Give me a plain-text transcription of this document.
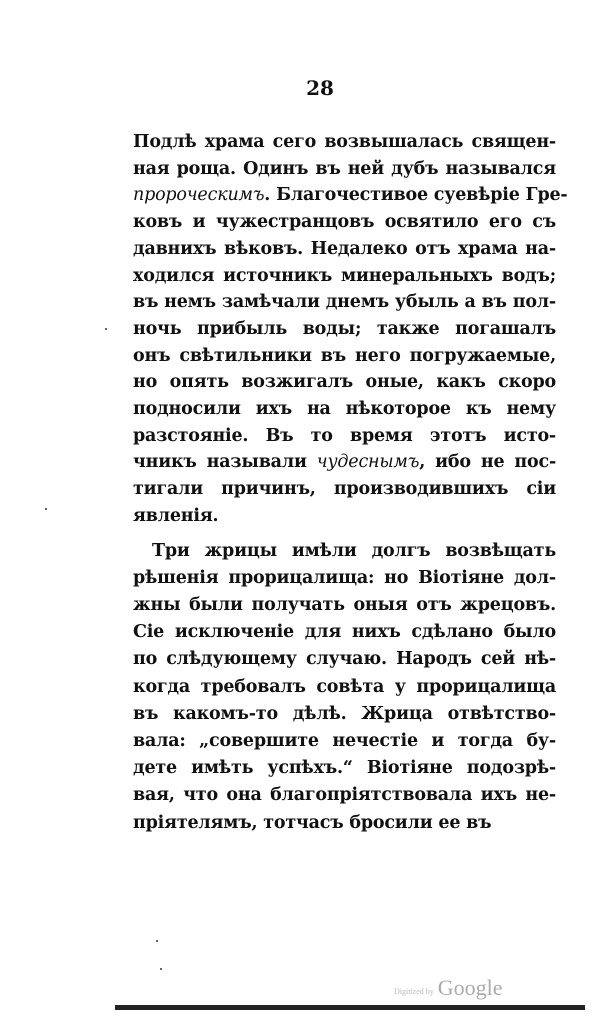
28
Подлѣ храма сего возвышалась священ-
ная роща. Одинъ въ ней дубъ назывался
пророческимъ. Благочестивое суевѣріе Гре-
ковъ и чужестранцовъ освятило его съ
давнихъ вѣковъ. Недалеко отъ храма на-
ходился источникъ минеральныхъ водъ;
въ немъ замѣчали днемъ убыль а въ пол-
ночь прибыль воды; также погашалъ
онъ свѣтильники въ него погружаемые,
но опять возжигалъ оные, какъ скоро
подносили ихъ на нѣкоторое къ нему
разстояніе. Въ то время этотъ исто-
чникъ называли чудеснымъ, ибо не пос-
тигали причинъ, производившихъ сіи
явленія.
Три жрицы имѣли долгъ возвѣщать
рѣшенія прорицалища: но Віотіяне дол-
жны были получать оныя отъ жрецовъ.
Сіе исключеніе для нихъ сдѣлано было
по слѣдующему случаю. Народъ сей нѣ-
когда требовалъ совѣта у прорицалища
въ какомъ-то дѣлѣ. Жрица отвѣтство-
вала: „совершите нечестіе и тогда бу-
дете имѣть успѣхъ.“ Віотіяне подозрѣ-
вая, что она благопріятствовала ихъ не-
пріятелямъ, тотчасъ бросили ее въ
Digitized by Google
